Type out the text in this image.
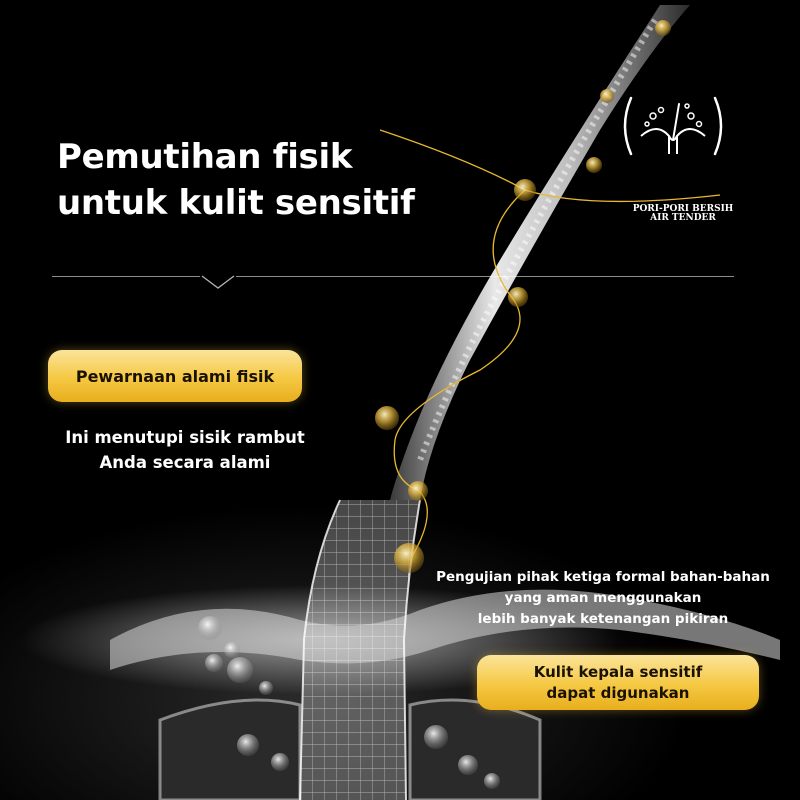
Pemutihan fisik
untuk kulit sensitif	PORI-PORI BERSIH
AIR TENDER
Pewarnaan alami fisik
Ini menutupi sisik rambut
Anda secara alami
Pengujian pihak ketiga formal bahan-bahan
yang aman menggunakan
lebih banyak ketenangan pikiran
Kulit kepala sensitif
dapat digunakan
